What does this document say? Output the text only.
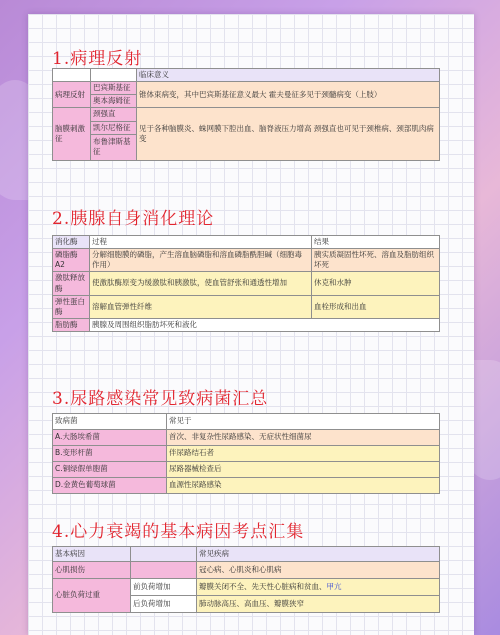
1.病理反射
		临床意义
病理反射	巴宾斯基征	锥体束病变，其中巴宾斯基征意义最大 霍夫曼征多见于颈髓病变（上肢）
	奥本海姆征	
脑膜刺激征	颈强直	见于各种脑膜炎、蛛网膜下腔出血、脑脊液压力增高 颈强直也可见于颈椎病、颈部肌肉病变
	凯尔尼格征	
	布鲁津斯基征	
2.胰腺自身消化理论
消化酶	过程	结果
磷脂酶A2	分解细胞膜的磷脂，产生溶血脑磷脂和溶血磷脂酰胆碱（细胞毒作用）	胰实质凝固性坏死、溶血及脂肪组织坏死
激肽释放酶	使激肽酶原变为缓激肽和胰激肽，使血管舒张和通透性增加	休克和水肿
弹性蛋白酶	溶解血管弹性纤维	血栓形成和出血
脂肪酶	胰腺及周围组织脂肪坏死和液化	
3.尿路感染常见致病菌汇总
致病菌	常见于
A.大肠埃希菌	首次、非复杂性尿路感染、无症状性细菌尿
B.变形杆菌	伴尿路结石者
C.铜绿假单胞菌	尿路器械检查后
D.金黄色葡萄球菌	血源性尿路感染
4.心力衰竭的基本病因考点汇集
基本病因		常见疾病
心肌损伤		冠心病、心肌炎和心肌病
心脏负荷过重	前负荷增加	瓣膜关闭不全、先天性心脏病和贫血、甲亢
	后负荷增加	肺动脉高压、高血压、瓣膜狭窄
